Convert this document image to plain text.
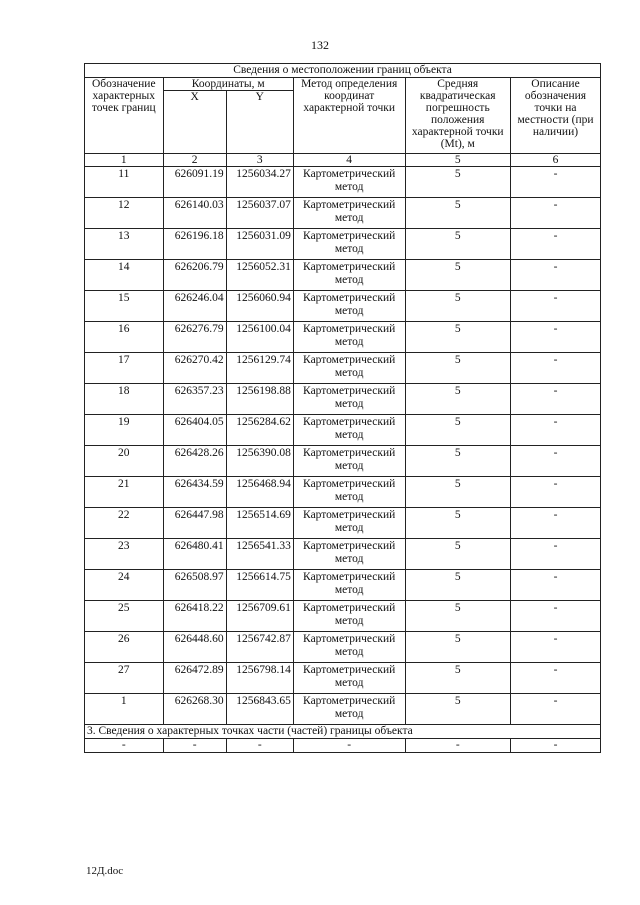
132
Сведения о местоположении границ объекта					
Обозначение характерных точек границ	Координаты, м		Метод определения координат характерной точки	Средняя квадратическая погрешность положения характерной точки (Mt), м	Описание обозначения точки на местности (при наличии)
	X	Y			
1	2	3	4	5	6
11	626091.19	1256034.27	Картометрический метод	5	-
12	626140.03	1256037.07	Картометрический метод	5	-
13	626196.18	1256031.09	Картометрический метод	5	-
14	626206.79	1256052.31	Картометрический метод	5	-
15	626246.04	1256060.94	Картометрический метод	5	-
16	626276.79	1256100.04	Картометрический метод	5	-
17	626270.42	1256129.74	Картометрический метод	5	-
18	626357.23	1256198.88	Картометрический метод	5	-
19	626404.05	1256284.62	Картометрический метод	5	-
20	626428.26	1256390.08	Картометрический метод	5	-
21	626434.59	1256468.94	Картометрический метод	5	-
22	626447.98	1256514.69	Картометрический метод	5	-
23	626480.41	1256541.33	Картометрический метод	5	-
24	626508.97	1256614.75	Картометрический метод	5	-
25	626418.22	1256709.61	Картометрический метод	5	-
26	626448.60	1256742.87	Картометрический метод	5	-
27	626472.89	1256798.14	Картометрический метод	5	-
1	626268.30	1256843.65	Картометрический метод	5	-
3. Сведения о характерных точках части (частей) границы объекта					
-	-	-	-	-	-
12Д.doc
